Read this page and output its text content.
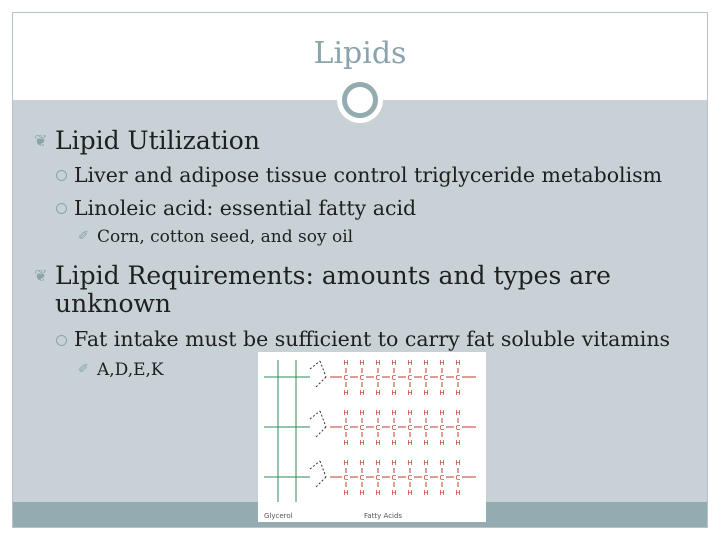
Lipids
❦ Lipid Utilization
Liver and adipose tissue control triglyceride metabolism
Linoleic acid: essential fatty acid
✐ Corn, cotton seed, and soy oil
❦ Lipid Requirements: amounts and types are
unknown
Fat intake must be sufficient to carry fat soluble vitamins
✐ A,D,E,K	H
C
H
H
C
H
H
C
H
H
C
H
H
C
H
H
C
H
H
C
H
H
C
H
H
C
H
H
C
H
H
C
H
H
C
H
H
C
H
H
C
H
H
C
H
H
C
H
H
C
H
H
C
H
H
C
H
H
C
H
H
C
H
H
C
H
H
C
H
H
C
H
Glycerol	Fatty Acids
